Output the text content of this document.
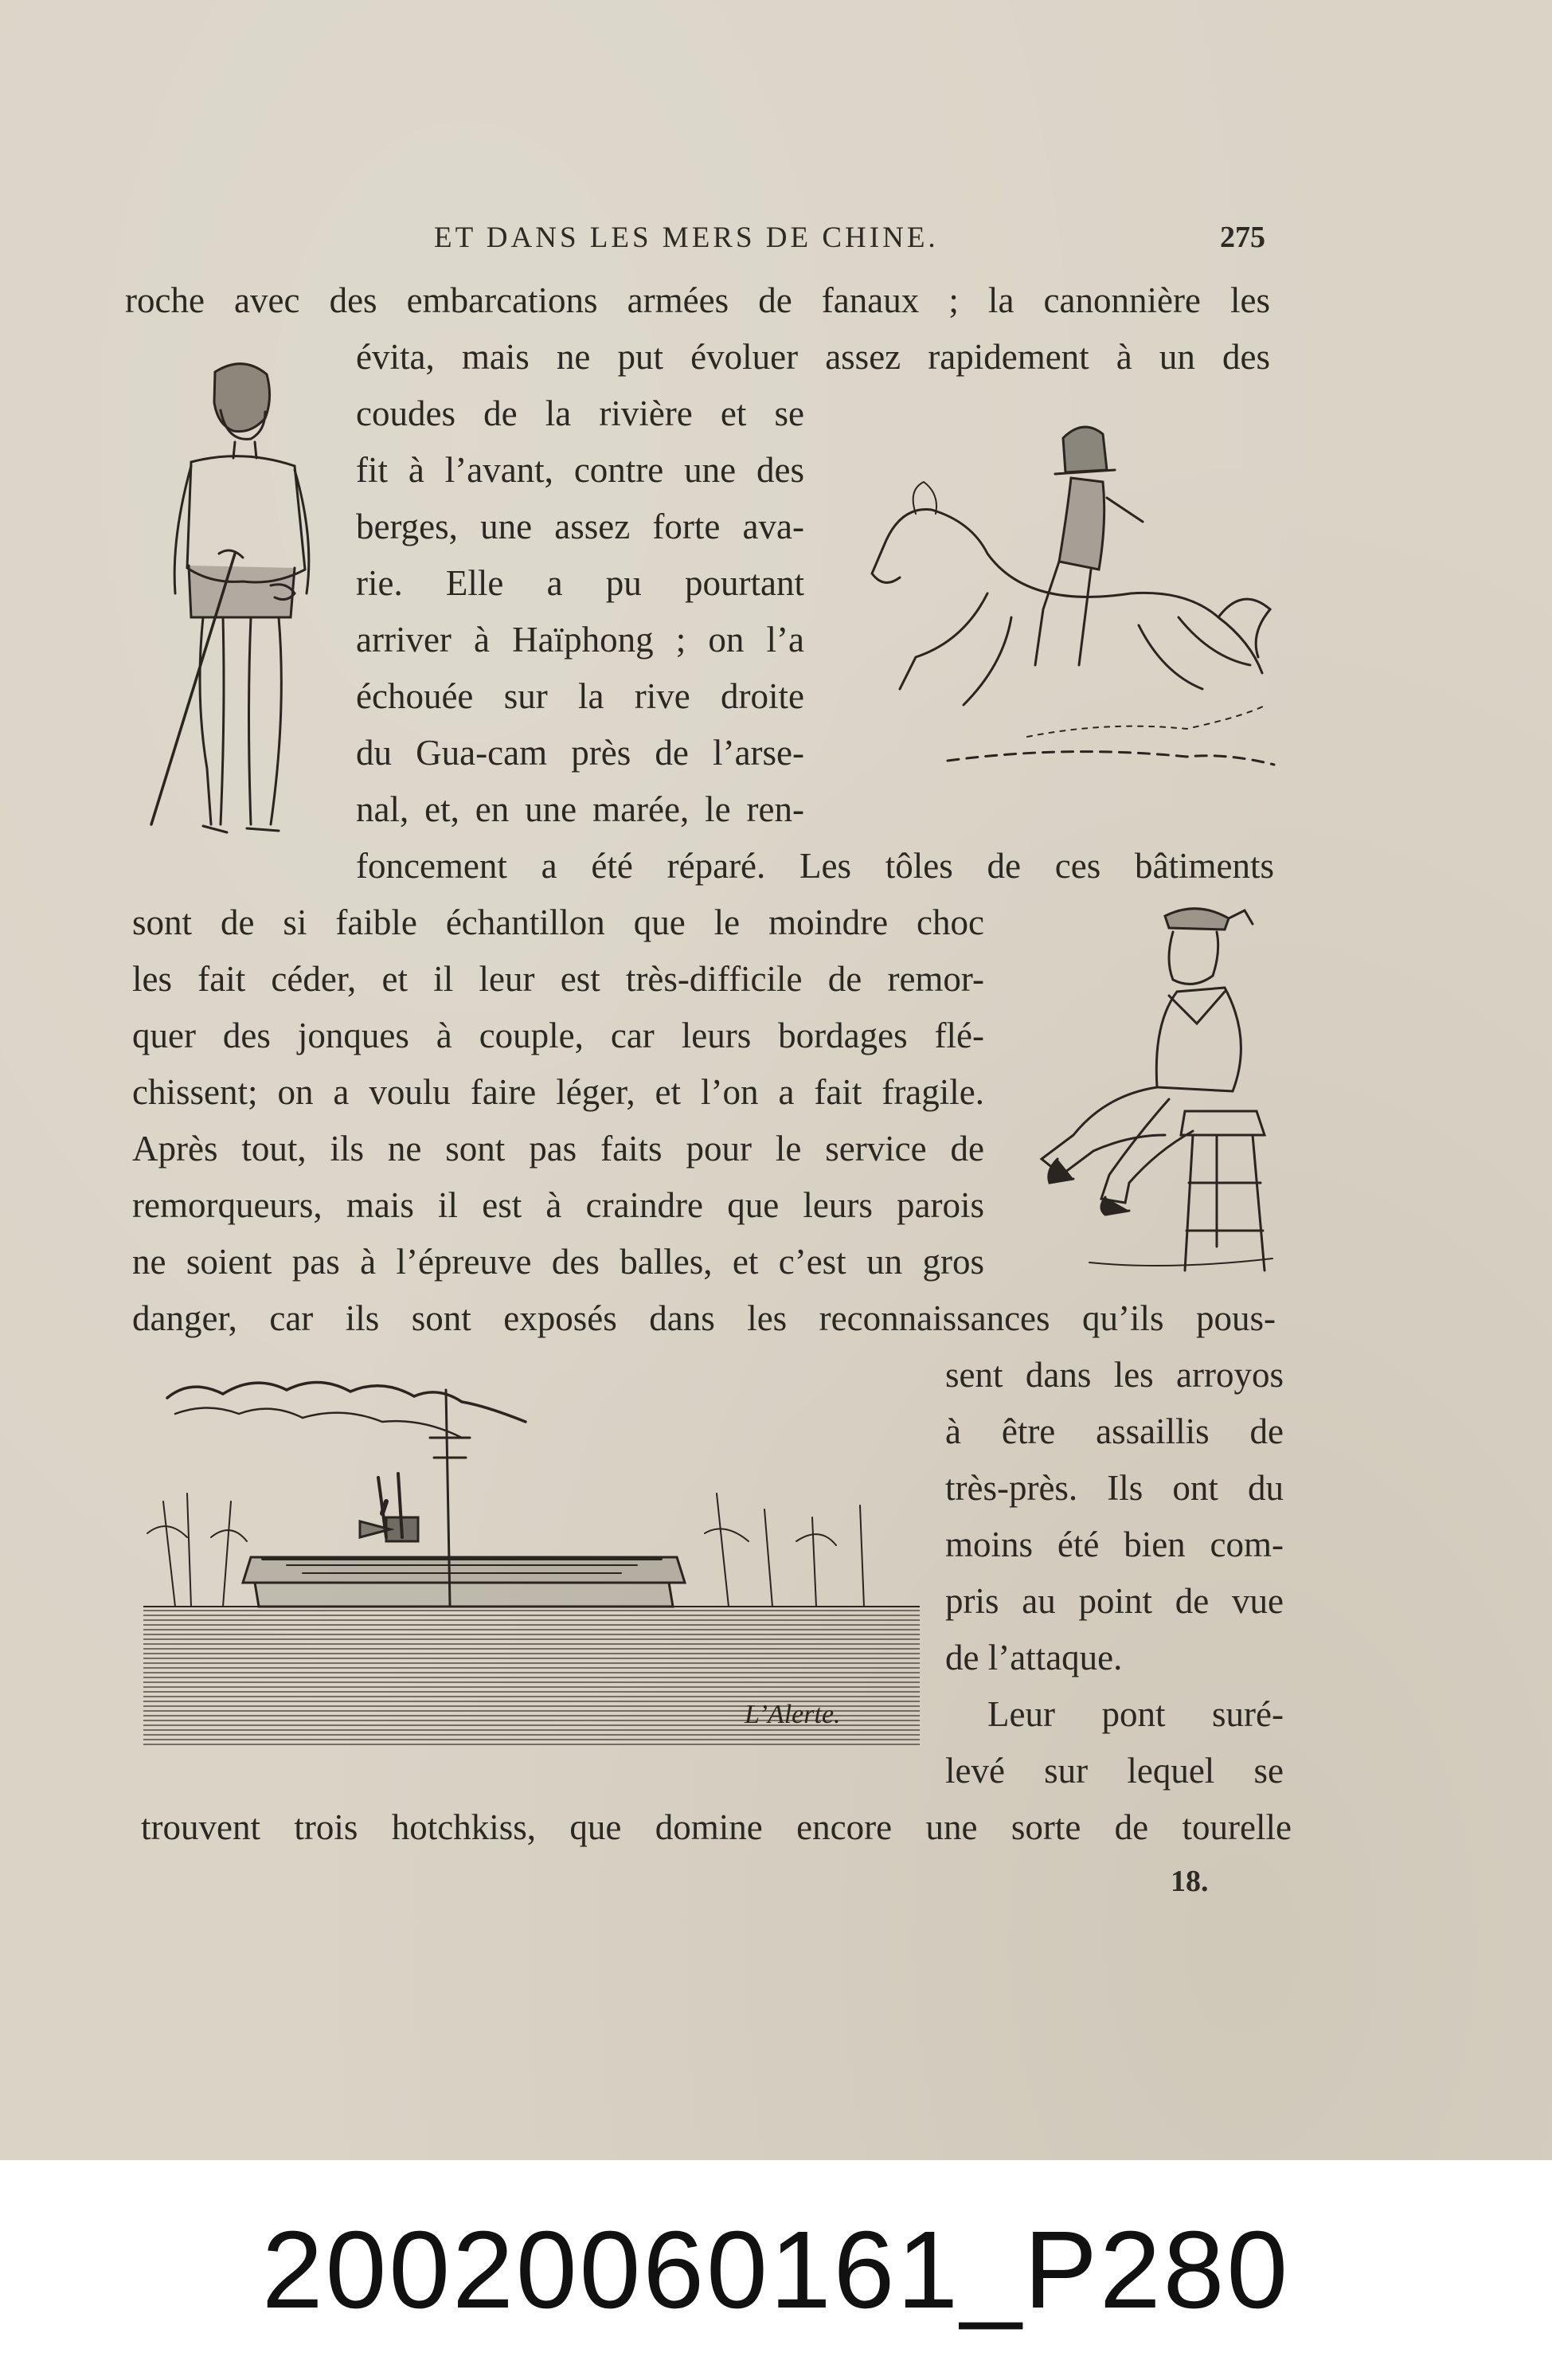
ET DANS LES MERS DE CHINE.	275
roche avec des embarcations armées de fanaux ; la canonnière les
évita, mais ne put évoluer assez rapidement à un des
coudes de la rivière et se
fit à l’avant, contre une des
berges, une assez forte ava-
rie. Elle a pu pourtant
arriver à Haïphong ; on l’a
échouée sur la rive droite
du Gua-cam près de l’arse-
nal, et, en une marée, le ren-
foncement a été réparé. Les tôles de ces bâtiments
sont de si faible échantillon que le moindre choc
les fait céder, et il leur est très-difficile de remor-
quer des jonques à couple, car leurs bordages flé-
chissent; on a voulu faire léger, et l’on a fait fragile.
Après tout, ils ne sont pas faits pour le service de
remorqueurs, mais il est à craindre que leurs parois
ne soient pas à l’épreuve des balles, et c’est un gros
danger, car ils sont exposés dans les reconnaissances qu’ils pous-
sent dans les arroyos
à être assaillis de
très-près. Ils ont du
moins été bien com-
pris au point de vue
de l’attaque.
Leur pont suré-
levé sur lequel se
trouvent trois hotchkiss, que domine encore une sorte de tourelle
18.
L’Alerte.
20020060161_P280
